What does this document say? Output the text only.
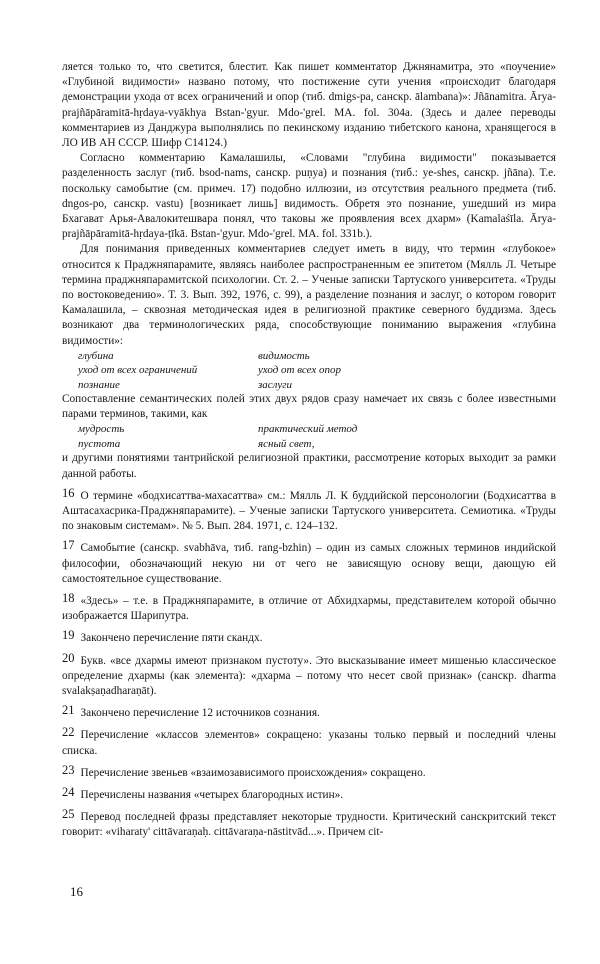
ляется только то, что светится, блестит. Как пишет комментатор Джнянамитра, это «поучение» «Глубиной видимости» названо потому, что постижение сути учения «происходит благодаря демонстрации ухода от всех ограничений и опор (тиб. dmigs-pa, санскр. ālambana)»: Jñānamitra. Ārya-prajñāpāramitā-hṛdaya-vyākhya Bstan-'gyur. Mdo-'grel. MA. fol. 304a. (Здесь и далее переводы комментариев из Данджура выполнялись по пекинскому изданию тибетского канона, хранящегося в ЛО ИВ АН СССР. Шифр С14124.)

Согласно комментарию Камалашилы, «Словами "глубина видимости" показывается разделенность заслуг (тиб. bsod-nams, санскр. puṇya) и познания (тиб.: ye-shes, санскр. jñāna). Т.е. поскольку самобытие (см. примеч. 17) подобно иллюзии, из отсутствия реального предмета (тиб. dngos-po, санскр. vastu) [возникает лишь] видимость. Обретя это познание, ушедший из мира Бхагават Арья-Авалокитешвара понял, что таковы же проявления всех дхарм» (Kamalaśīla. Ārya-prajñāpāramitā-hṛdaya-ṭīkā. Bstan-'gyur. Mdo-'grel. MA. fol. 331b.).

Для понимания приведенных комментариев следует иметь в виду, что термин «глубокое» относится к Праджняпарамите, являясь наиболее распространенным ее эпитетом (Мялль Л. Четыре термина праджняпарамитской психологии. Ст. 2. – Ученые записки Тартуского университета. «Труды по востоковедению». Т. 3. Вып. 392, 1976, с. 99), а разделение познания и заслуг, о котором говорит Камалашила, – сквозная методическая идея в религиозной практике северного буддизма. Здесь возникают два терминологических ряда, способствующие пониманию выражения «глубина видимости»:

глубина	видимость
уход от всех ограничений	уход от всех опор
познание	заслуги

Сопоставление семантических полей этих двух рядов сразу намечает их связь с более известными парами терминов, такими, как

мудрость	практический метод
пустота	ясный свет,

и другими понятиями тантрийской религиозной практики, рассмотрение которых выходит за рамки данной работы.

16 О термине «бодхисаттва-махасаттва» см.: Мялль Л. К буддийской персонологии (Бодхисаттва в Аштасахасрика-Праджняпарамите). – Ученые записки Тартуского университета. Семиотика. «Труды по знаковым системам». № 5. Вып. 284. 1971, с. 124–132.

17 Самобытие (санскр. svabhāva, тиб. rang-bzhin) – один из самых сложных терминов индийской философии, обозначающий некую ни от чего не зависящую основу вещи, дающую ей самостоятельное существование.

18 «Здесь» – т.е. в Праджняпарамите, в отличие от Абхидхармы, представителем которой обычно изображается Шарипутра.

19 Закончено перечисление пяти скандх.

20 Букв. «все дхармы имеют признаком пустоту». Это высказывание имеет мишенью классическое определение дхармы (как элемента): «дхарма – потому что несет свой признак» (санскр. dharma svalakṣaṇadharaṇāt).

21 Закончено перечисление 12 источников сознания.

22 Перечисление «классов элементов» сокращено: указаны только первый и последний члены списка.

23 Перечисление звеньев «взаимозависимого происхождения» сокращено.

24 Перечислены названия «четырех благородных истин».

25 Перевод последней фразы представляет некоторые трудности. Критический санскритский текст говорит: «viharaty' cittāvaraṇaḥ. cittāvaraṇa-nāstitvād...». Причем cit-

16
